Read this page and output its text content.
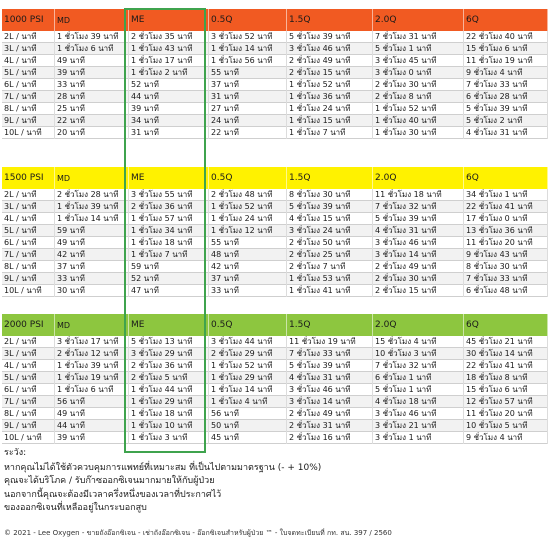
1000 PSI	MD	ME	0.5Q	1.5Q	2.0Q	6Q
2L / นาที	1 ชั่วโมง 39 นาที	2 ชั่วโมง 35 นาที	3 ชั่วโมง 52 นาที	5 ชั่วโมง 39 นาที	7 ชั่วโมง 31 นาที	22 ชั่วโมง 40 นาที
3L / นาที	1 ชั่วโมง 6 นาที	1 ชั่วโมง 43 นาที	1 ชั่วโมง 14 นาที	3 ชั่วโมง 46 นาที	5 ชั่วโมง 1 นาที	15 ชั่วโมง 6 นาที
4L / นาที	49 นาที	1 ชั่วโมง 17 นาที	1 ชั่วโมง 56 นาที	2 ชั่วโมง 49 นาที	3 ชั่วโมง 45 นาที	11 ชั่วโมง 19 นาที
5L / นาที	39 นาที	1 ชั่วโมง 2 นาที	55 นาที	2 ชั่วโมง 15 นาที	3 ชั่วโมง 0 นาที	9 ชั่วโมง 4 นาที
6L / นาที	33 นาที	52 นาที	37 นาที	1 ชั่วโมง 52 นาที	2 ชั่วโมง 30 นาที	7 ชั่วโมง 33 นาที
7L / นาที	28 นาที	44 นาที	31 นาที	1 ชั่วโมง 36 นาที	2 ชั่วโมง 8 นาที	6 ชั่วโมง 28 นาที
8L / นาที	25 นาที	39 นาที	27 นาที	1 ชั่วโมง 24 นาที	1 ชั่วโมง 52 นาที	5 ชั่วโมง 39 นาที
9L / นาที	22 นาที	34 นาที	24 นาที	1 ชั่วโมง 15 นาที	1 ชั่วโมง 40 นาที	5 ชั่วโมง 2 นาที
10L / นาที	20 นาที	31 นาที	22 นาที	1 ชั่วโมง 7 นาที	1 ชั่วโมง 30 นาที	4 ชั่วโมง 31 นาที
1500 PSI	MD	ME	0.5Q	1.5Q	2.0Q	6Q
2L / นาที	2 ชั่วโมง 28 นาที	3 ชั่วโมง 55 นาที	2 ชั่วโมง 48 นาที	8 ชั่วโมง 30 นาที	11 ชั่วโมง 18 นาที	34 ชั่วโมง 1 นาที
3L / นาที	1 ชั่วโมง 39 นาที	2 ชั่วโมง 36 นาที	1 ชั่วโมง 52 นาที	5 ชั่วโมง 39 นาที	7 ชั่วโมง 32 นาที	22 ชั่วโมง 41 นาที
4L / นาที	1 ชั่วโมง 14 นาที	1 ชั่วโมง 57 นาที	1 ชั่วโมง 24 นาที	4 ชั่วโมง 15 นาที	5 ชั่วโมง 39 นาที	17 ชั่วโมง 0 นาที
5L / นาที	59 นาที	1 ชั่วโมง 34 นาที	1 ชั่วโมง 12 นาที	3 ชั่วโมง 24 นาที	4 ชั่วโมง 31 นาที	13 ชั่วโมง 36 นาที
6L / นาที	49 นาที	1 ชั่วโมง 18 นาที	55 นาที	2 ชั่วโมง 50 นาที	3 ชั่วโมง 46 นาที	11 ชั่วโมง 20 นาที
7L / นาที	42 นาที	1 ชั่วโมง 7 นาที	48 นาที	2 ชั่วโมง 25 นาที	3 ชั่วโมง 14 นาที	9 ชั่วโมง 43 นาที
8L / นาที	37 นาที	59 นาที	42 นาที	2 ชั่วโมง 7 นาที	2 ชั่วโมง 49 นาที	8 ชั่วโมง 30 นาที
9L / นาที	33 นาที	52 นาที	37 นาที	1 ชั่วโมง 53 นาที	2 ชั่วโมง 30 นาที	7 ชั่วโมง 33 นาที
10L / นาที	30 นาที	47 นาที	33 นาที	1 ชั่วโมง 41 นาที	2 ชั่วโมง 15 นาที	6 ชั่วโมง 48 นาที
2000 PSI	MD	ME	0.5Q	1.5Q	2.0Q	6Q
2L / นาที	3 ชั่วโมง 17 นาที	5 ชั่วโมง 13 นาที	3 ชั่วโมง 44 นาที	11 ชั่วโมง 19 นาที	15 ชั่วโมง 4 นาที	45 ชั่วโมง 21 นาที
3L / นาที	2 ชั่วโมง 12 นาที	3 ชั่วโมง 29 นาที	2 ชั่วโมง 29 นาที	7 ชั่วโมง 33 นาที	10 ชั่วโมง 3 นาที	30 ชั่วโมง 14 นาที
4L / นาที	1 ชั่วโมง 39 นาที	2 ชั่วโมง 36 นาที	1 ชั่วโมง 52 นาที	5 ชั่วโมง 39 นาที	7 ชั่วโมง 32 นาที	22 ชั่วโมง 41 นาที
5L / นาที	1 ชั่วโมง 19 นาที	2 ชั่วโมง 5 นาที	1 ชั่วโมง 29 นาที	4 ชั่วโมง 31 นาที	6 ชั่วโมง 1 นาที	18 ชั่วโมง 8 นาที
6L / นาที	1 ชั่วโมง 6 นาที	1 ชั่วโมง 44 นาที	1 ชั่วโมง 14 นาที	3 ชั่วโมง 46 นาที	5 ชั่วโมง 1 นาที	15 ชั่วโมง 6 นาที
7L / นาที	56 นาที	1 ชั่วโมง 29 นาที	1 ชั่วโมง 4 นาที	3 ชั่วโมง 14 นาที	4 ชั่วโมง 18 นาที	12 ชั่วโมง 57 นาที
8L / นาที	49 นาที	1 ชั่วโมง 18 นาที	56 นาที	2 ชั่วโมง 49 นาที	3 ชั่วโมง 46 นาที	11 ชั่วโมง 20 นาที
9L / นาที	44 นาที	1 ชั่วโมง 10 นาที	50 นาที	2 ชั่วโมง 31 นาที	3 ชั่วโมง 21 นาที	10 ชั่วโมง 5 นาที
10L / นาที	39 นาที	1 ชั่วโมง 3 นาที	45 นาที	2 ชั่วโมง 16 นาที	3 ชั่วโมง 1 นาที	9 ชั่วโมง 4 นาที
ระวัง:
หากคุณไม่ได้ใช้ตัวควบคุมการแพทย์ที่เหมาะสม ที่เป็นไปตามมาตรฐาน (- + 10%)
คุณจะได้บริโภค / รับก๊าซออกซิเจนมากมายให้กับผู้ป่วย
นอกจากนี้คุณจะต้องมีเวลาครึ่งหนึ่งของเวลาที่ประกาศไว้
ของออกซิเจนที่เหลืออยู่ในกระบอกสูบ
© 2021 - Lee Oxygen - ขายถังอ๊อกซิเจน - เช่าถังอ๊อกซิเจน - อ๊อกซิเจนสำหรับผู้ป่วย ™ - ใบจดทะเบียนที่ กท. สน. 397 / 2560
